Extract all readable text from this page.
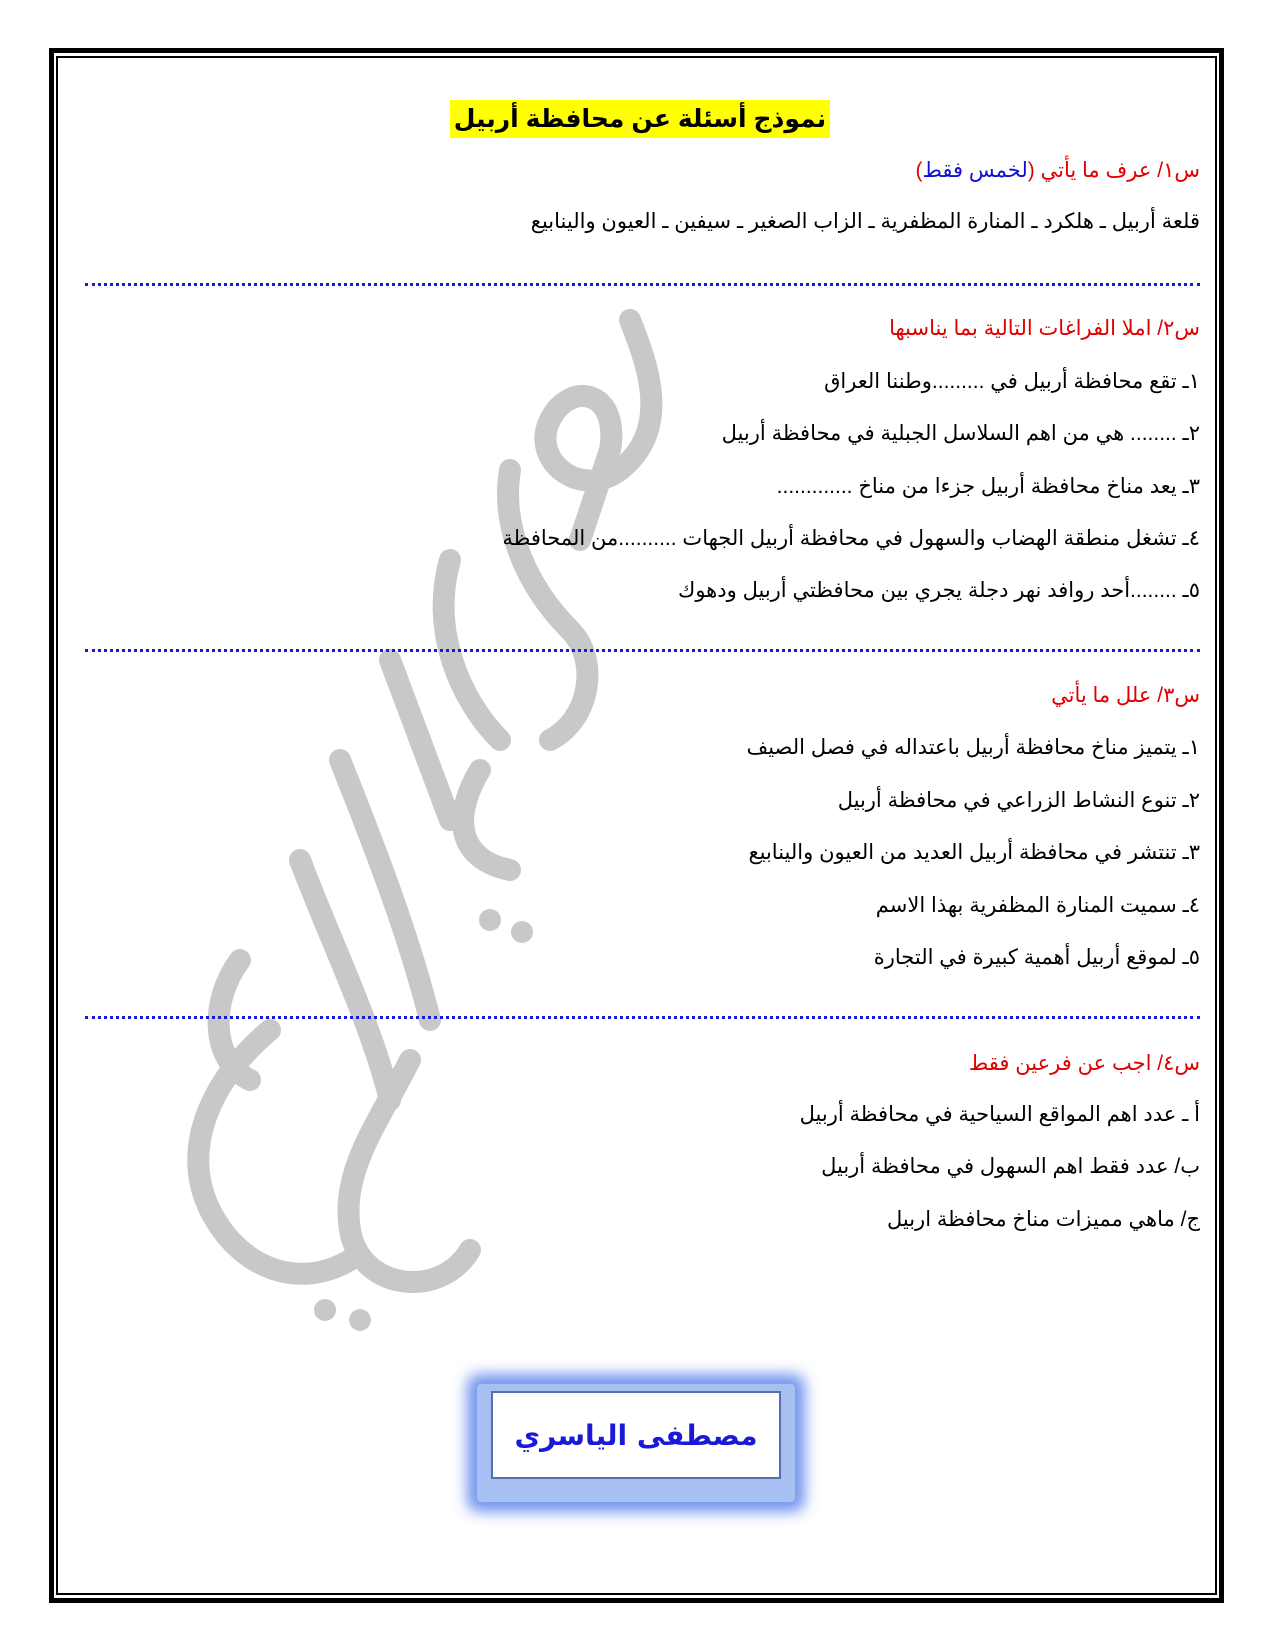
نموذج أسئلة عن محافظة أربيل
س١/ عرف ما يأتي (لخمس فقط)
قلعة أربيل ـ هلكرد ـ المنارة المظفرية ـ الزاب الصغير ـ سيفين ـ العيون والينابيع
س٢/ املا الفراغات التالية بما يناسبها
١ـ تقع محافظة أربيل في .........وطننا العراق
٢ـ ........ هي من اهم السلاسل الجبلية في محافظة أربيل
٣ـ يعد مناخ محافظة أربيل جزءا من مناخ .............
٤ـ تشغل منطقة الهضاب والسهول في محافظة أربيل الجهات ..........من المحافظة
٥ـ ........أحد روافد نهر دجلة يجري بين محافظتي أربيل ودهوك
س٣/ علل ما يأتي
١ـ يتميز مناخ محافظة أربيل باعتداله في فصل الصيف
٢ـ تنوع النشاط الزراعي في محافظة أربيل
٣ـ تنتشر في محافظة أربيل العديد من العيون والينابيع
٤ـ سميت المنارة المظفرية بهذا الاسم
٥ـ لموقع أربيل أهمية كبيرة في التجارة
س٤/ اجب عن فرعين فقط
أ ـ عدد اهم المواقع السياحية في محافظة أربيل
ب/ عدد فقط اهم السهول في محافظة أربيل
ج/ ماهي مميزات مناخ محافظة اربيل
مصطفى الياسري
